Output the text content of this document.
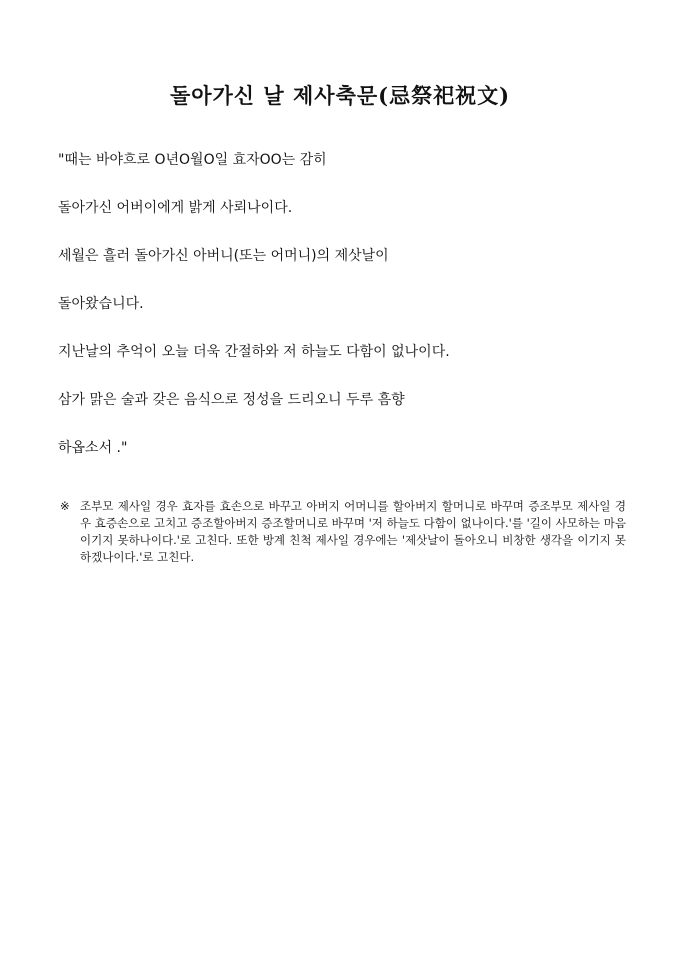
돌아가신 날 제사축문(忌祭祀祝文)

"때는 바야흐로 O년O월O일 효자OO는 감히

돌아가신 어버이에게 밝게 사뢰나이다.

세월은 흘러 돌아가신 아버니(또는 어머니)의 제삿날이

돌아왔습니다.

지난날의 추억이 오늘 더욱 간절하와 저 하늘도 다함이 없나이다.

삼가 맑은 술과 갖은 음식으로 정성을 드리오니 두루 흠향

하옵소서 ."

※ 조부모 제사일 경우 효자를 효손으로 바꾸고 아버지 어머니를 할아버지 할머니로 바꾸며 증조부모 제사일 경우 효증손으로 고치고 증조할아버지 증조할머니로 바꾸며 '저 하늘도 다함이 없나이다.'를 '길이 사모하는 마음 이기지 못하나이다.'로 고친다. 또한 방계 친척 제사일 경우에는 '제삿날이 돌아오니 비창한 생각을 이기지 못하겠나이다.'로 고친다.
